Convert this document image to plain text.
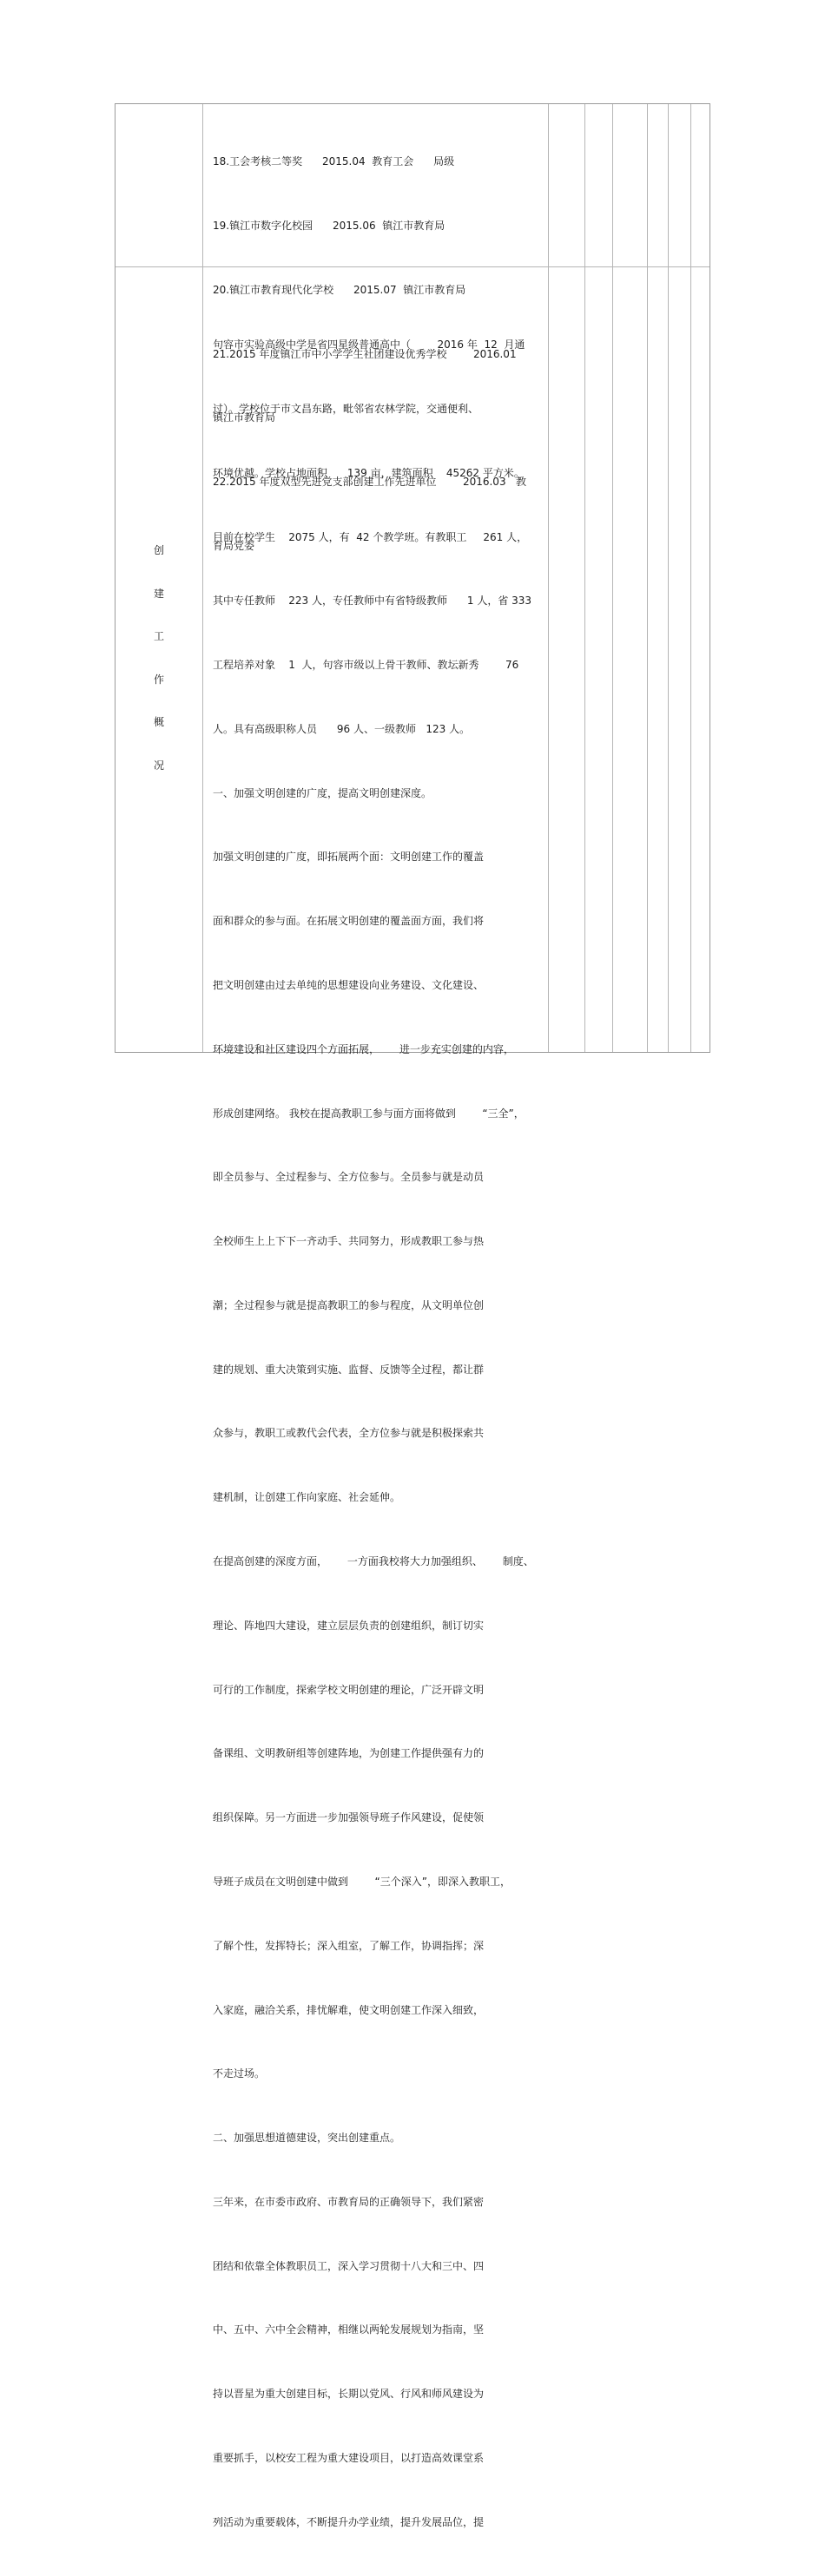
18.工会考核二等奖      2015.04  教育工会      局级

19.镇江市数字化校园      2015.06  镇江市教育局

20.镇江市教育现代化学校      2015.07  镇江市教育局

21.2015 年度镇江市中小学学生社团建设优秀学校        2016.01

镇江市教育局

22.2015 年度双型先进党支部创建工作先进单位        2016.03   教

育局党委

创
建
工
作
概
况

句容市实验高级中学是省四星级普通高中（        2016 年  12  月通

过）。学校位于市文昌东路，毗邻省农林学院，交通便利、

环境优越。学校占地面积      139 亩，建筑面积    45262 平方米。

目前在校学生    2075 人，有  42 个教学班。有教职工     261 人，

其中专任教师    223 人，专任教师中有省特级教师      1 人，省 333

工程培养对象    1  人，句容市级以上骨干教师、教坛新秀        76

人。具有高级职称人员      96 人、一级教师   123 人。

一、加强文明创建的广度，提高文明创建深度。

加强文明创建的广度，即拓展两个面：文明创建工作的覆盖

面和群众的参与面。在拓展文明创建的覆盖面方面，我们将

把文明创建由过去单纯的思想建设向业务建设、文化建设、

环境建设和社区建设四个方面拓展，      进一步充实创建的内容，

形成创建网络。 我校在提高教职工参与面方面将做到        “三全”，

即全员参与、全过程参与、全方位参与。全员参与就是动员

全校师生上上下下一齐动手、共同努力，形成教职工参与热

潮；全过程参与就是提高教职工的参与程度，从文明单位创

建的规划、重大决策到实施、监督、反馈等全过程，都让群

众参与，教职工或教代会代表，全方位参与就是积极探索共

建机制，让创建工作向家庭、社会延伸。

在提高创建的深度方面，      一方面我校将大力加强组织、      制度、

理论、阵地四大建设，建立层层负责的创建组织，制订切实

可行的工作制度，探索学校文明创建的理论，广泛开辟文明

备课组、文明教研组等创建阵地，为创建工作提供强有力的

组织保障。另一方面进一步加强领导班子作风建设，促使领

导班子成员在文明创建中做到        “三个深入”，即深入教职工，

了解个性，发挥特长；深入组室，了解工作，协调指挥；深

入家庭，融洽关系，排忧解难，使文明创建工作深入细致，

不走过场。

二、加强思想道德建设，突出创建重点。

三年来，在市委市政府、市教育局的正确领导下，我们紧密

团结和依靠全体教职员工，深入学习贯彻十八大和三中、四

中、五中、六中全会精神，相继以两轮发展规划为指南，坚

持以晋星为重大创建目标，长期以党风、行风和师风建设为

重要抓手，以校安工程为重大建设项目，以打造高效课堂系

列活动为重要载体，不断提升办学业绩，提升发展品位，提
